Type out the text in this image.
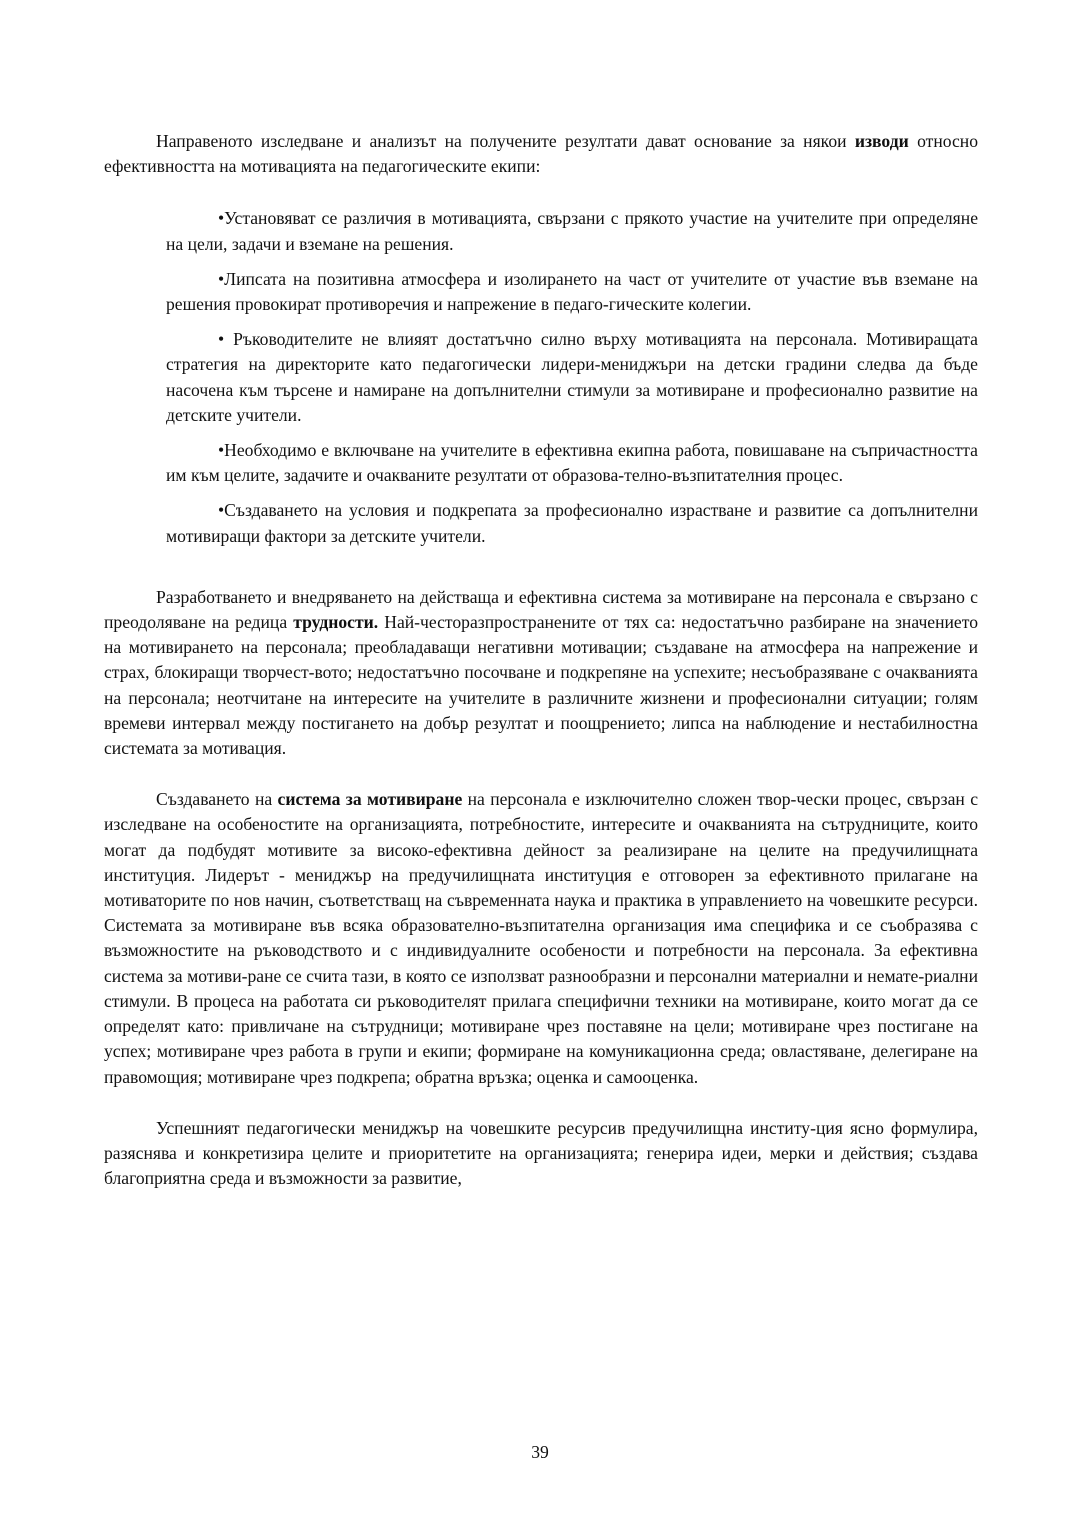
Направеното изследване и анализът на получените резултати дават основание за някои изводи относно ефективността на мотивацията на педагогическите екипи:

•Установяват се различия в мотивацията, свързани с прякото участие на учителите при определяне на цели, задачи и вземане на решения.

•Липсата на позитивна атмосфера и изолирането на част от учителите от участие във вземане на решения провокират противоречия и напрежение в педаго-гическите колегии.

• Ръководителите не влияят достатъчно силно върху мотивацията на персонала. Мотивиращата стратегия на директорите като педагогически лидери-мениджъри на детски градини следва да бъде насочена към търсене и намиране на допълнителни стимули за мотивиране и професионално развитие на детските учители.

•Необходимо е включване на учителите в ефективна екипна работа, повишаване на съпричастността им към целите, задачите и очакваните резултати от образова-телно-възпитателния процес.

•Създаването на условия и подкрепата за професионално израстване и развитие са допълнителни мотивиращи фактори за детските учители.

Разработването и внедряването на действаща и ефективна система за мотивиране на персонала е свързано с преодоляване на редица трудности. Най-честоразпространените от тях са: недостатъчно разбиране на значението на мотивирането на персонала; преобладаващи негативни мотивации; създаване на атмосфера на напрежение и страх, блокиращи творчест-вото; недостатъчно посочване и подкрепяне на успехите; несъобразяване с очакванията на персонала; неотчитане на интересите на учителите в различните жизнени и професионални ситуации; голям времеви интервал между постигането на добър резултат и поощрението; липса на наблюдение и нестабилностна системата за мотивация.

Създаването на система за мотивиране на персонала е изключително сложен твор-чески процес, свързан с изследване на особеностите на организацията, потребностите, интересите и очакванията на сътрудниците, които могат да подбудят мотивите за високо-ефективна дейност за реализиране на целите на предучилищната институция. Лидерът - мениджър на предучилищната институция е отговорен за ефективното прилагане на мотиваторите по нов начин, съответстващ на съвременната наука и практика в управлението на човешките ресурси. Системата за мотивиране във всяка образователно-възпитателна организация има специфика и се съобразява с възможностите на ръководството и с индивидуалните особености и потребности на персонала. За ефективна система за мотиви-ране се счита тази, в която се използват разнообразни и персонални материални и немате-риални стимули. В процеса на работата си ръководителят прилага специфични техники на мотивиране, които могат да се определят като: привличане на сътрудници; мотивиране чрез поставяне на цели; мотивиране чрез постигане на успех; мотивиране чрез работа в групи и екипи; формиране на комуникационна среда; овластяване, делегиране на правомощия; мотивиране чрез подкрепа; обратна връзка; оценка и самооценка.

Успешният педагогически мениджър на човешките ресурсив предучилищна институ-ция ясно формулира, разяснява и конкретизира целите и приоритетите на организацията; генерира идеи, мерки и действия; създава благоприятна среда и възможности за развитие,

39
